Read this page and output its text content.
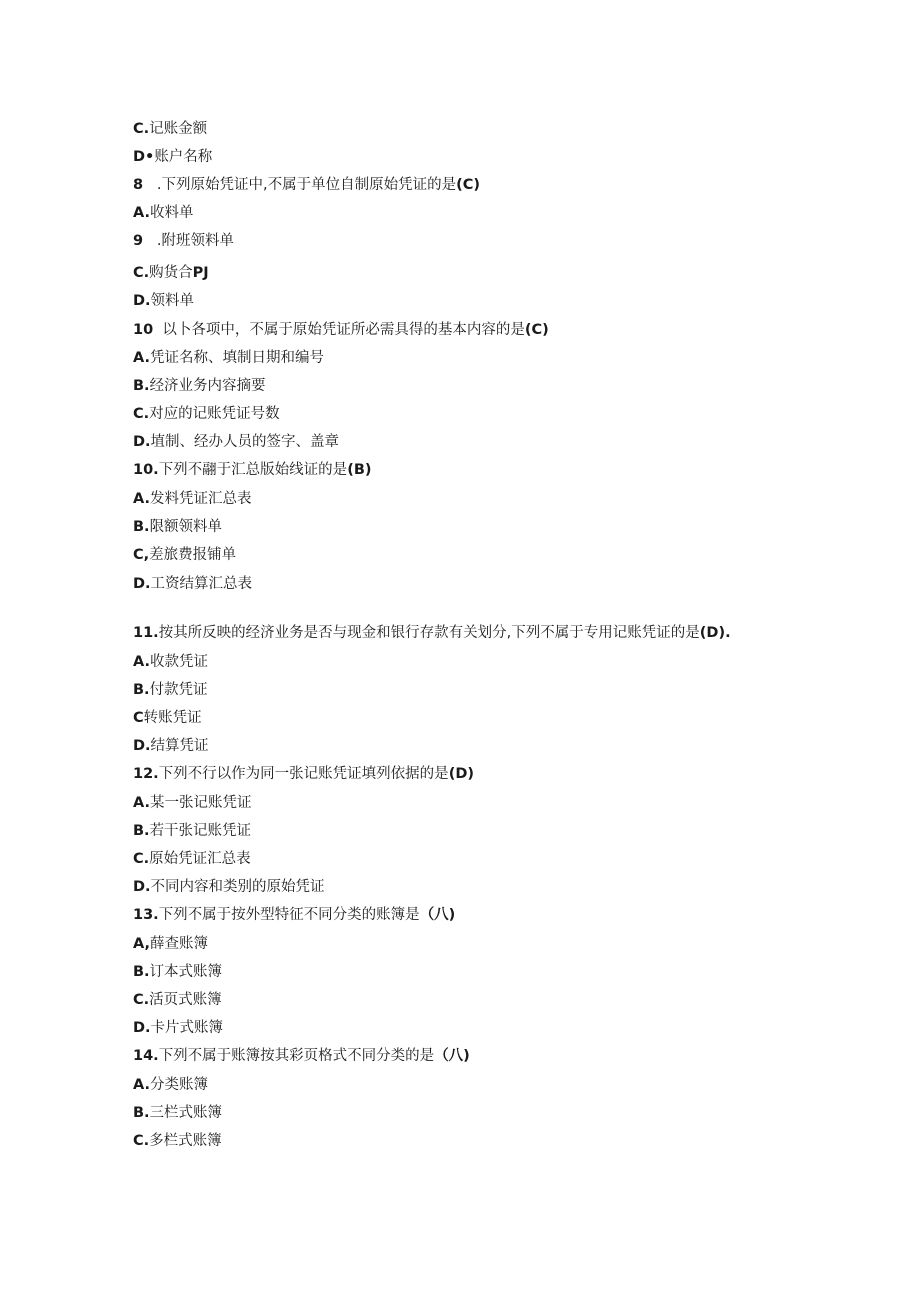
C.记账金额
D•账户名称
8   .下列原始凭证中,不属于单位自制原始凭证的是(C)
A.收料单
9   .附班领料单
C.购货合PJ
D.领料单
10  以卜各项中，不属于原始凭证所必需具得的基本内容的是(C)
A.凭证名称、填制日期和编号
B.经济业务内容摘要
C.对应的记账凭证号数
D.埴制、经办人员的签字、盖章
10.下列不翮于汇总版始线证的是(B)
A.发料凭证汇总表
B.限额领料单
C,差旅费报铺单
D.工资结算汇总表
11.按其所反映的经济业务是否与现金和银行存款有关划分,下列不属于专用记账凭证的是(D).
A.收款凭证
B.付款凭证
C转账凭证
D.结算凭证
12.下列不行以作为同一张记账凭证填列依据的是(D)
A.某一张记账凭证
B.若干张记账凭证
C.原始凭证汇总表
D.不同内容和类别的原始凭证
13.下列不属于按外型特征不同分类的账簿是（八)
A,薛查账簿
B.订本式账簿
C.活页式账簿
D.卡片式账簿
14.下列不属于账簿按其彩页格式不同分类的是（八)
A.分类账簿
B.三栏式账簿
C.多栏式账簿
